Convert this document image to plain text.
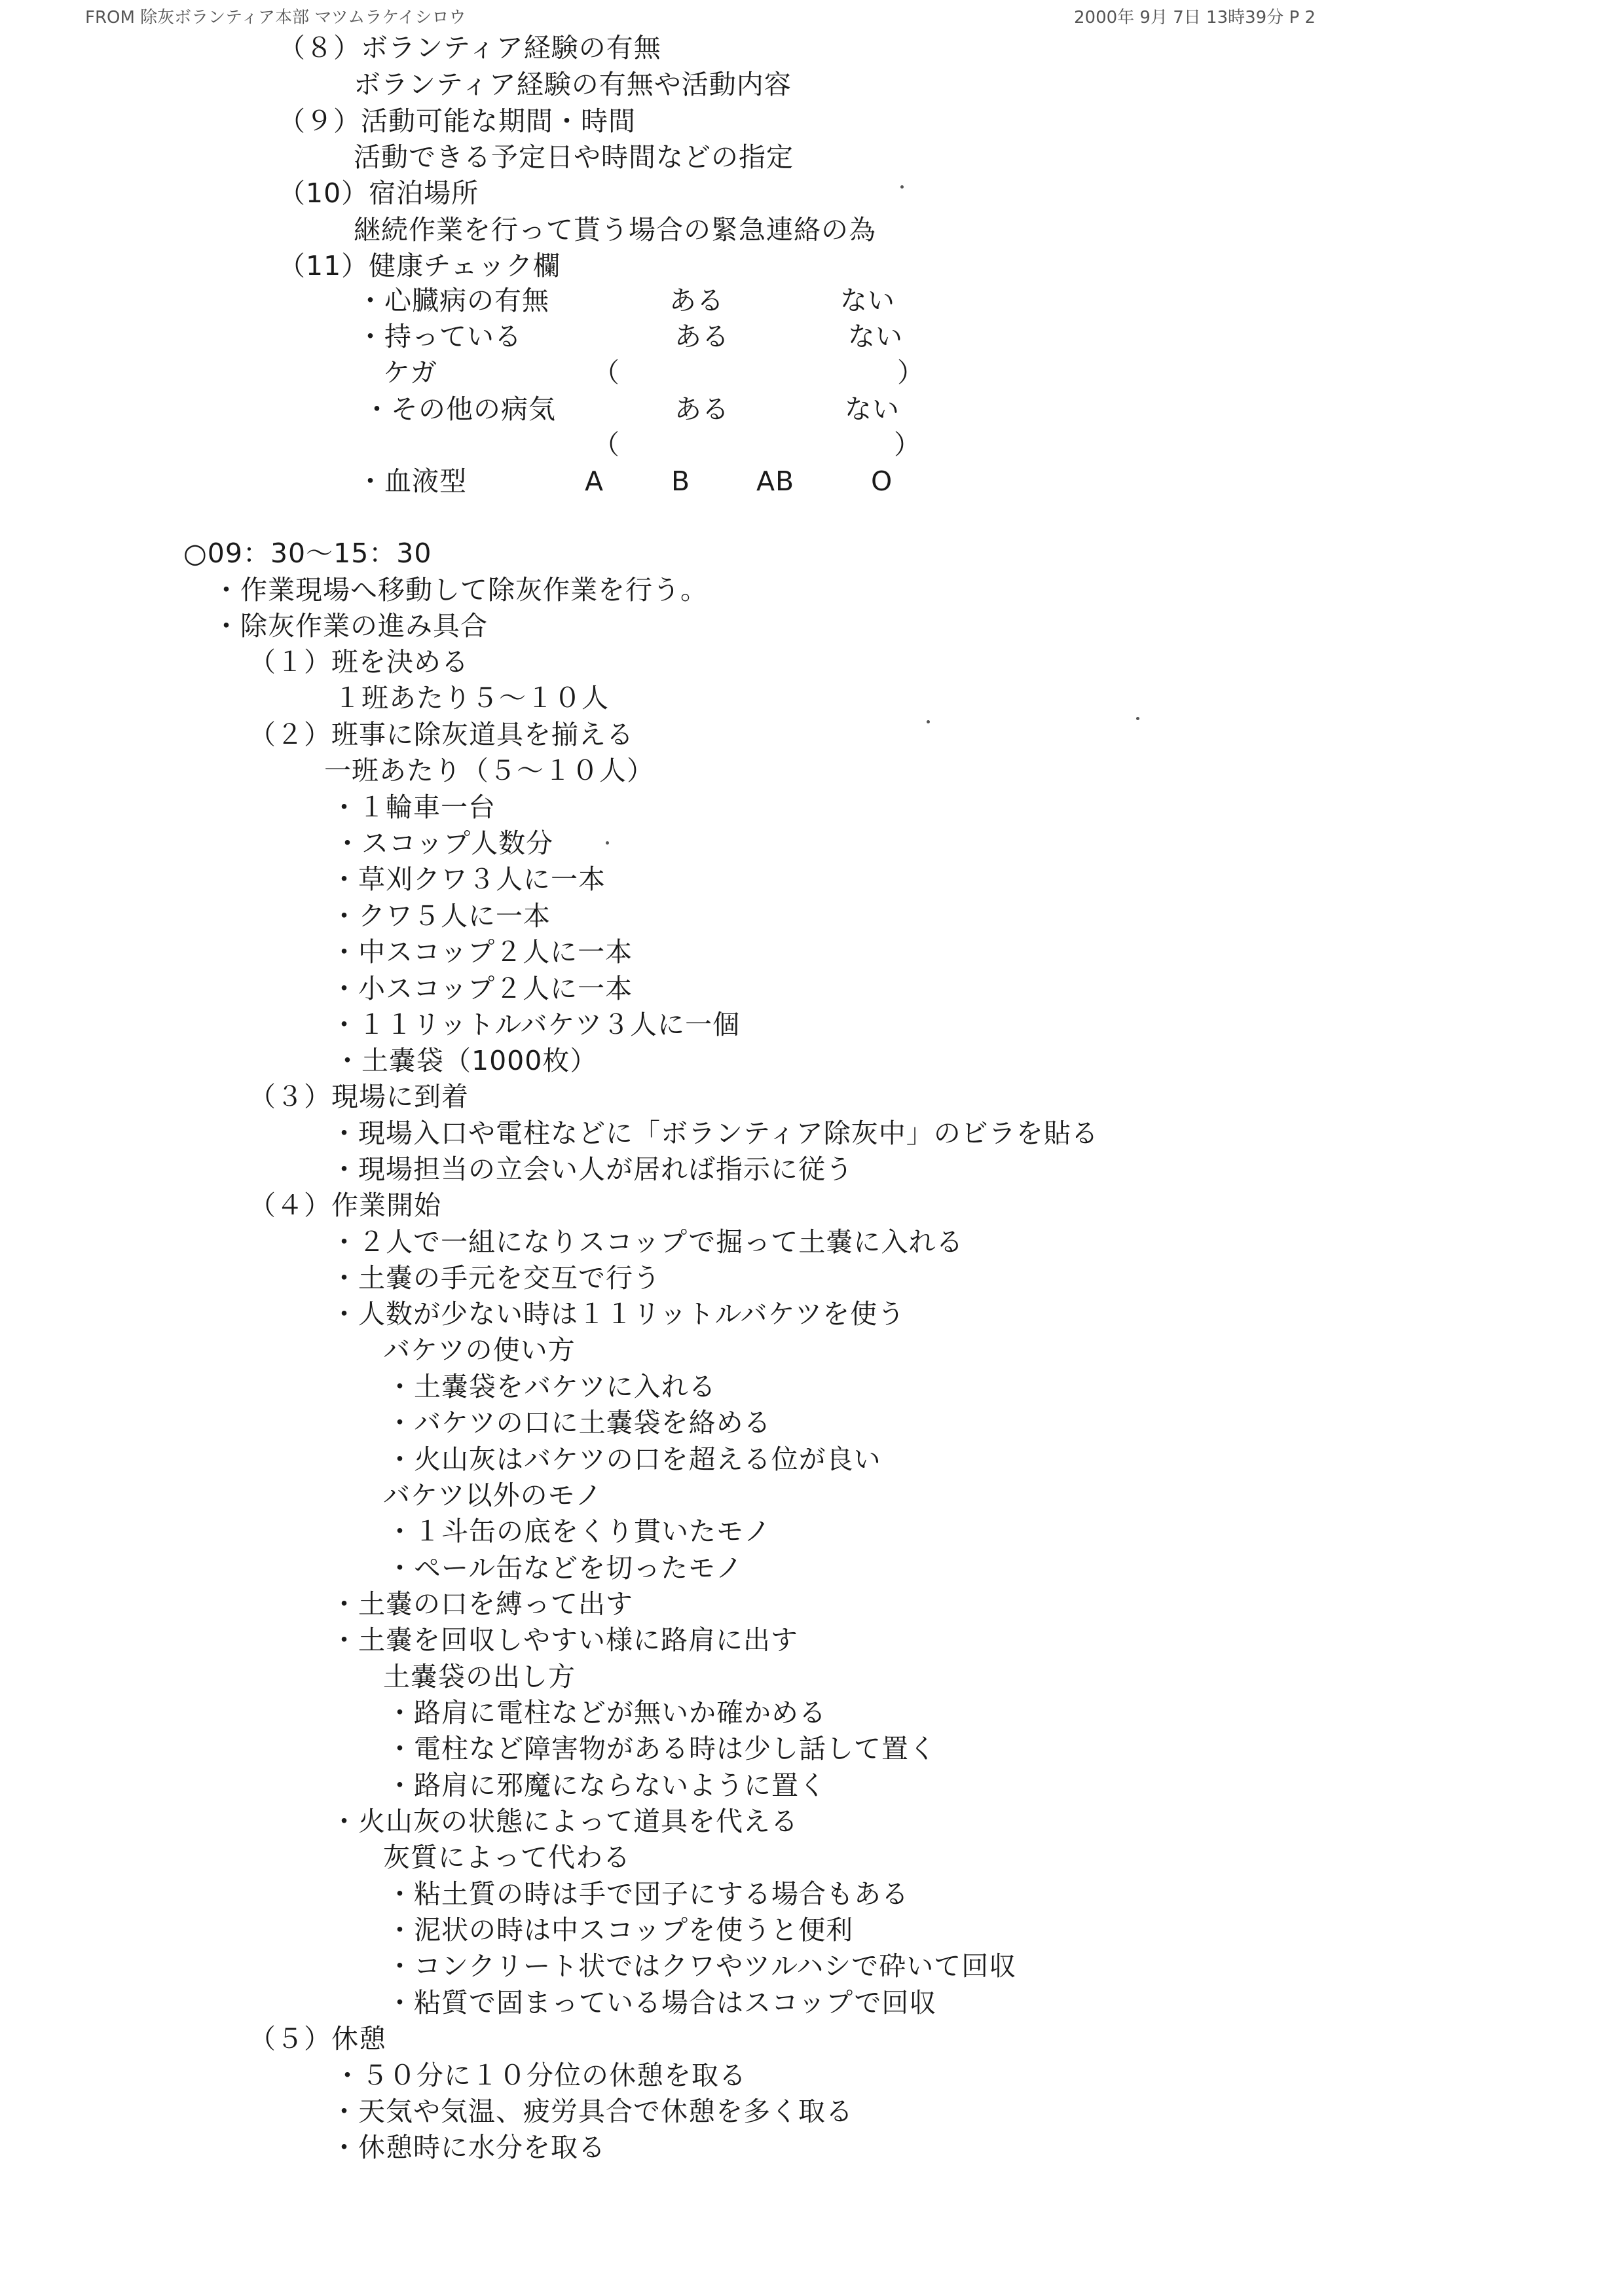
FROM 除灰ボランティア本部 マツムラケイシロウ	2000年 9月 7日 13時39分 P 2
（８）ボランティア経験の有無
ボランティア経験の有無や活動内容
（９）活動可能な期間・時間
活動できる予定日や時間などの指定
（10）宿泊場所
継続作業を行って貰う場合の緊急連絡の為
（11）健康チェック欄
・心臓病の有無	ある	ない
・持っている	ある	ない
ケガ	（	）
・その他の病気	ある	ない
（	）
・血液型	A	B AB	O
○09：30〜15：30
・作業現場へ移動して除灰作業を行う。
・除灰作業の進み具合
（１）班を決める
１班あたり５〜１０人
（２）班事に除灰道具を揃える
一班あたり（５〜１０人）
・１輪車一台
・スコップ人数分
・草刈クワ３人に一本
・クワ５人に一本
・中スコップ２人に一本
・小スコップ２人に一本
・１１リットルバケツ３人に一個
・土嚢袋（1000枚）
（３）現場に到着
・現場入口や電柱などに「ボランティア除灰中」のビラを貼る
・現場担当の立会い人が居れば指示に従う
（４）作業開始
・２人で一組になりスコップで掘って土嚢に入れる
・土嚢の手元を交互で行う
・人数が少ない時は１１リットルバケツを使う
バケツの使い方
・土嚢袋をバケツに入れる
・バケツの口に土嚢袋を絡める
・火山灰はバケツの口を超える位が良い
バケツ以外のモノ
・１斗缶の底をくり貫いたモノ
・ペール缶などを切ったモノ
・土嚢の口を縛って出す
・土嚢を回収しやすい様に路肩に出す
土嚢袋の出し方
・路肩に電柱などが無いか確かめる
・電柱など障害物がある時は少し話して置く
・路肩に邪魔にならないように置く
・火山灰の状態によって道具を代える
灰質によって代わる
・粘土質の時は手で団子にする場合もある
・泥状の時は中スコップを使うと便利
・コンクリート状ではクワやツルハシで砕いて回収
・粘質で固まっている場合はスコップで回収
（５）休憩
・５０分に１０分位の休憩を取る
・天気や気温、疲労具合で休憩を多く取る
・休憩時に水分を取る
